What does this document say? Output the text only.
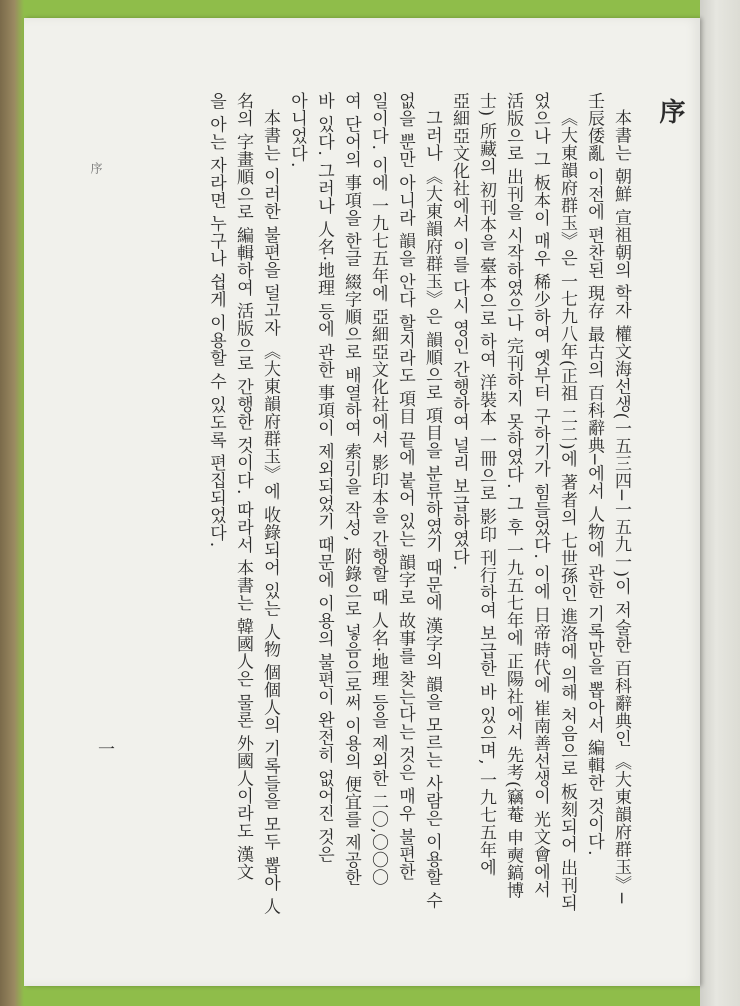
序
本書는 朝鮮 宣祖朝의 학자 權文海선생(一五三四─一五九一)이 저술한 百科辭典인 《大東韻府群玉》─
壬辰倭亂 이전에 편찬된 現存 最古의 百科辭典─에서 人物에 관한 기록만을 뽑아서 編輯한 것이다.
《大東韻府群玉》은 一七九八年(正祖 二二)에 著者의 七世孫인 進洛에 의해 처음으로 板刻되어 出刊되
었으나 그 板本이 매우 稀少하여 옛부터 구하기가 힘들었다. 이에 日帝時代에 崔南善선생이 光文會에서
活版으로 出刊을 시작하였으나 完刊하지 못하였다. 그 후 一九五七年에 正陽社에서 先考(竊菴 申奭鎬博
士) 所藏의 初刊本을 臺本으로 하여 洋裝本 一冊으로 影印 刊行하여 보급한 바 있으며, 一九七五年에
亞細亞文化社에서 이를 다시 영인 간행하여 널리 보급하였다.
그러나 《大東韻府群玉》은 韻順으로 項目을 분류하였기 때문에 漢字의 韻을 모르는 사람은 이용할 수
없을 뿐만 아니라 韻을 안다 할지라도 項目 끝에 붙어 있는 韻字로 故事를 찾는다는 것은 매우 불편한
일이다. 이에 一九七五年에 亞細亞文化社에서 影印本을 간행할 때 人名·地理 등을 제외한 二〇,〇〇〇
여 단어의 事項을 한글 綴字順으로 배열하여 索引을 작성, 附錄으로 넣음으로써 이용의 便宜를 제공한
바 있다. 그러나 人名·地理 등에 관한 事項이 제외되었기 때문에 이용의 불편이 완전히 없어진 것은
아니었다.
本書는 이러한 불편을 덜고자 《大東韻府群玉》에 收錄되어 있는 人物 個個人의 기록들을 모두 뽑아 人
名의 字畫順으로 編輯하여 活版으로 간행한 것이다. 따라서 本書는 韓國人은 물론 外國人이라도 漢文
을 아는 자라면 누구나 쉽게 이용할 수 있도록 편집되었다.
序
一
